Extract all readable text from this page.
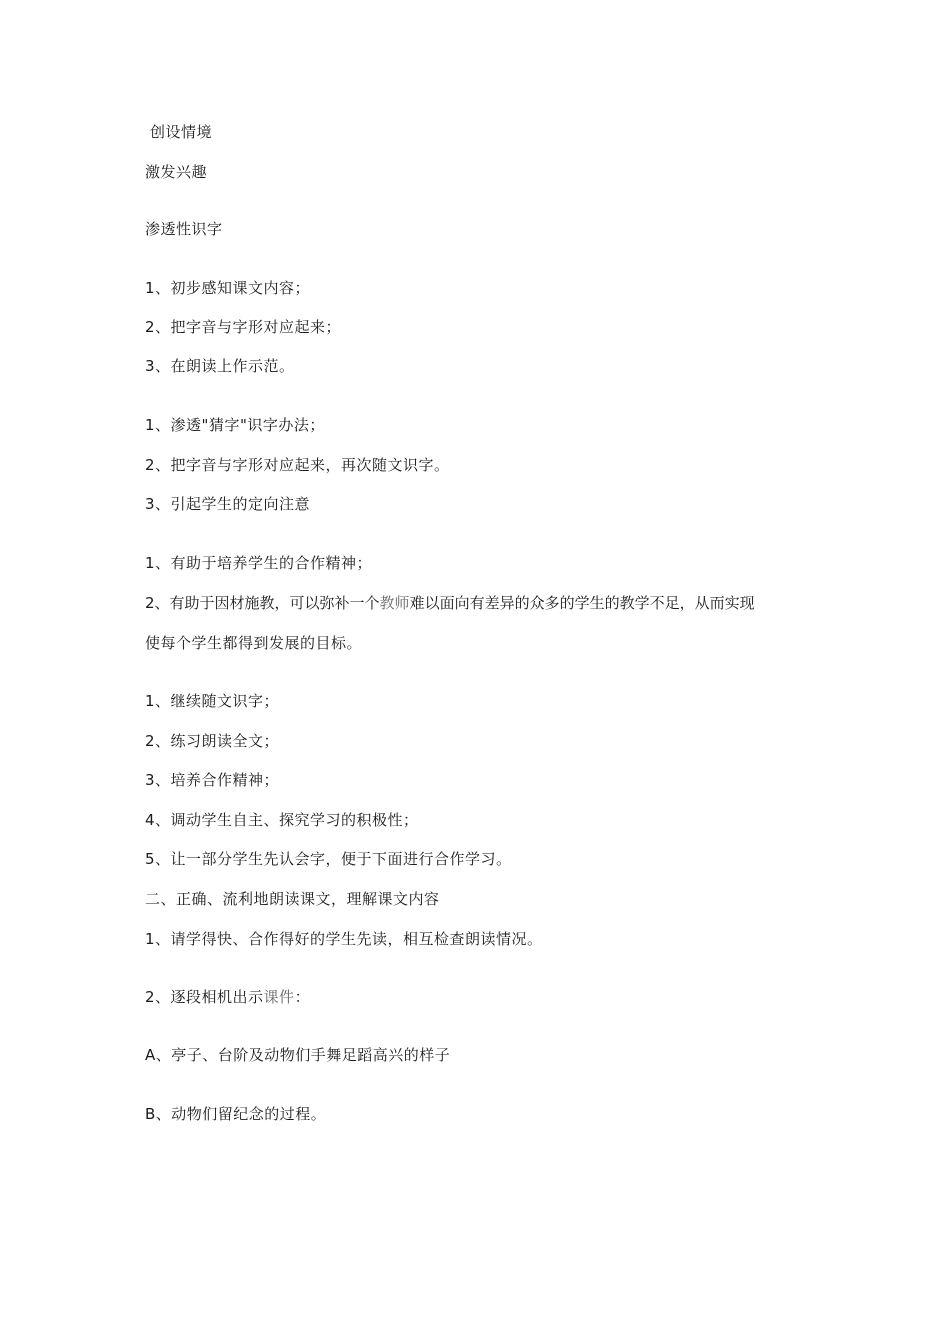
创设情境
激发兴趣
渗透性识字
1、初步感知课文内容；
2、把字音与字形对应起来；
3、在朗读上作示范。
1、渗透"猜字"识字办法；
2、把字音与字形对应起来，再次随文识字。
3、引起学生的定向注意
1、有助于培养学生的合作精神；
2、有助于因材施教，可以弥补一个教师难以面向有差异的众多的学生的教学不足，从而实现
使每个学生都得到发展的目标。
1、继续随文识字；
2、练习朗读全文；
3、培养合作精神；
4、调动学生自主、探究学习的积极性；
5、让一部分学生先认会字，便于下面进行合作学习。
二、正确、流利地朗读课文，理解课文内容
1、请学得快、合作得好的学生先读，相互检查朗读情况。
2、逐段相机出示课件：
A、亭子、台阶及动物们手舞足蹈高兴的样子
B、动物们留纪念的过程。
